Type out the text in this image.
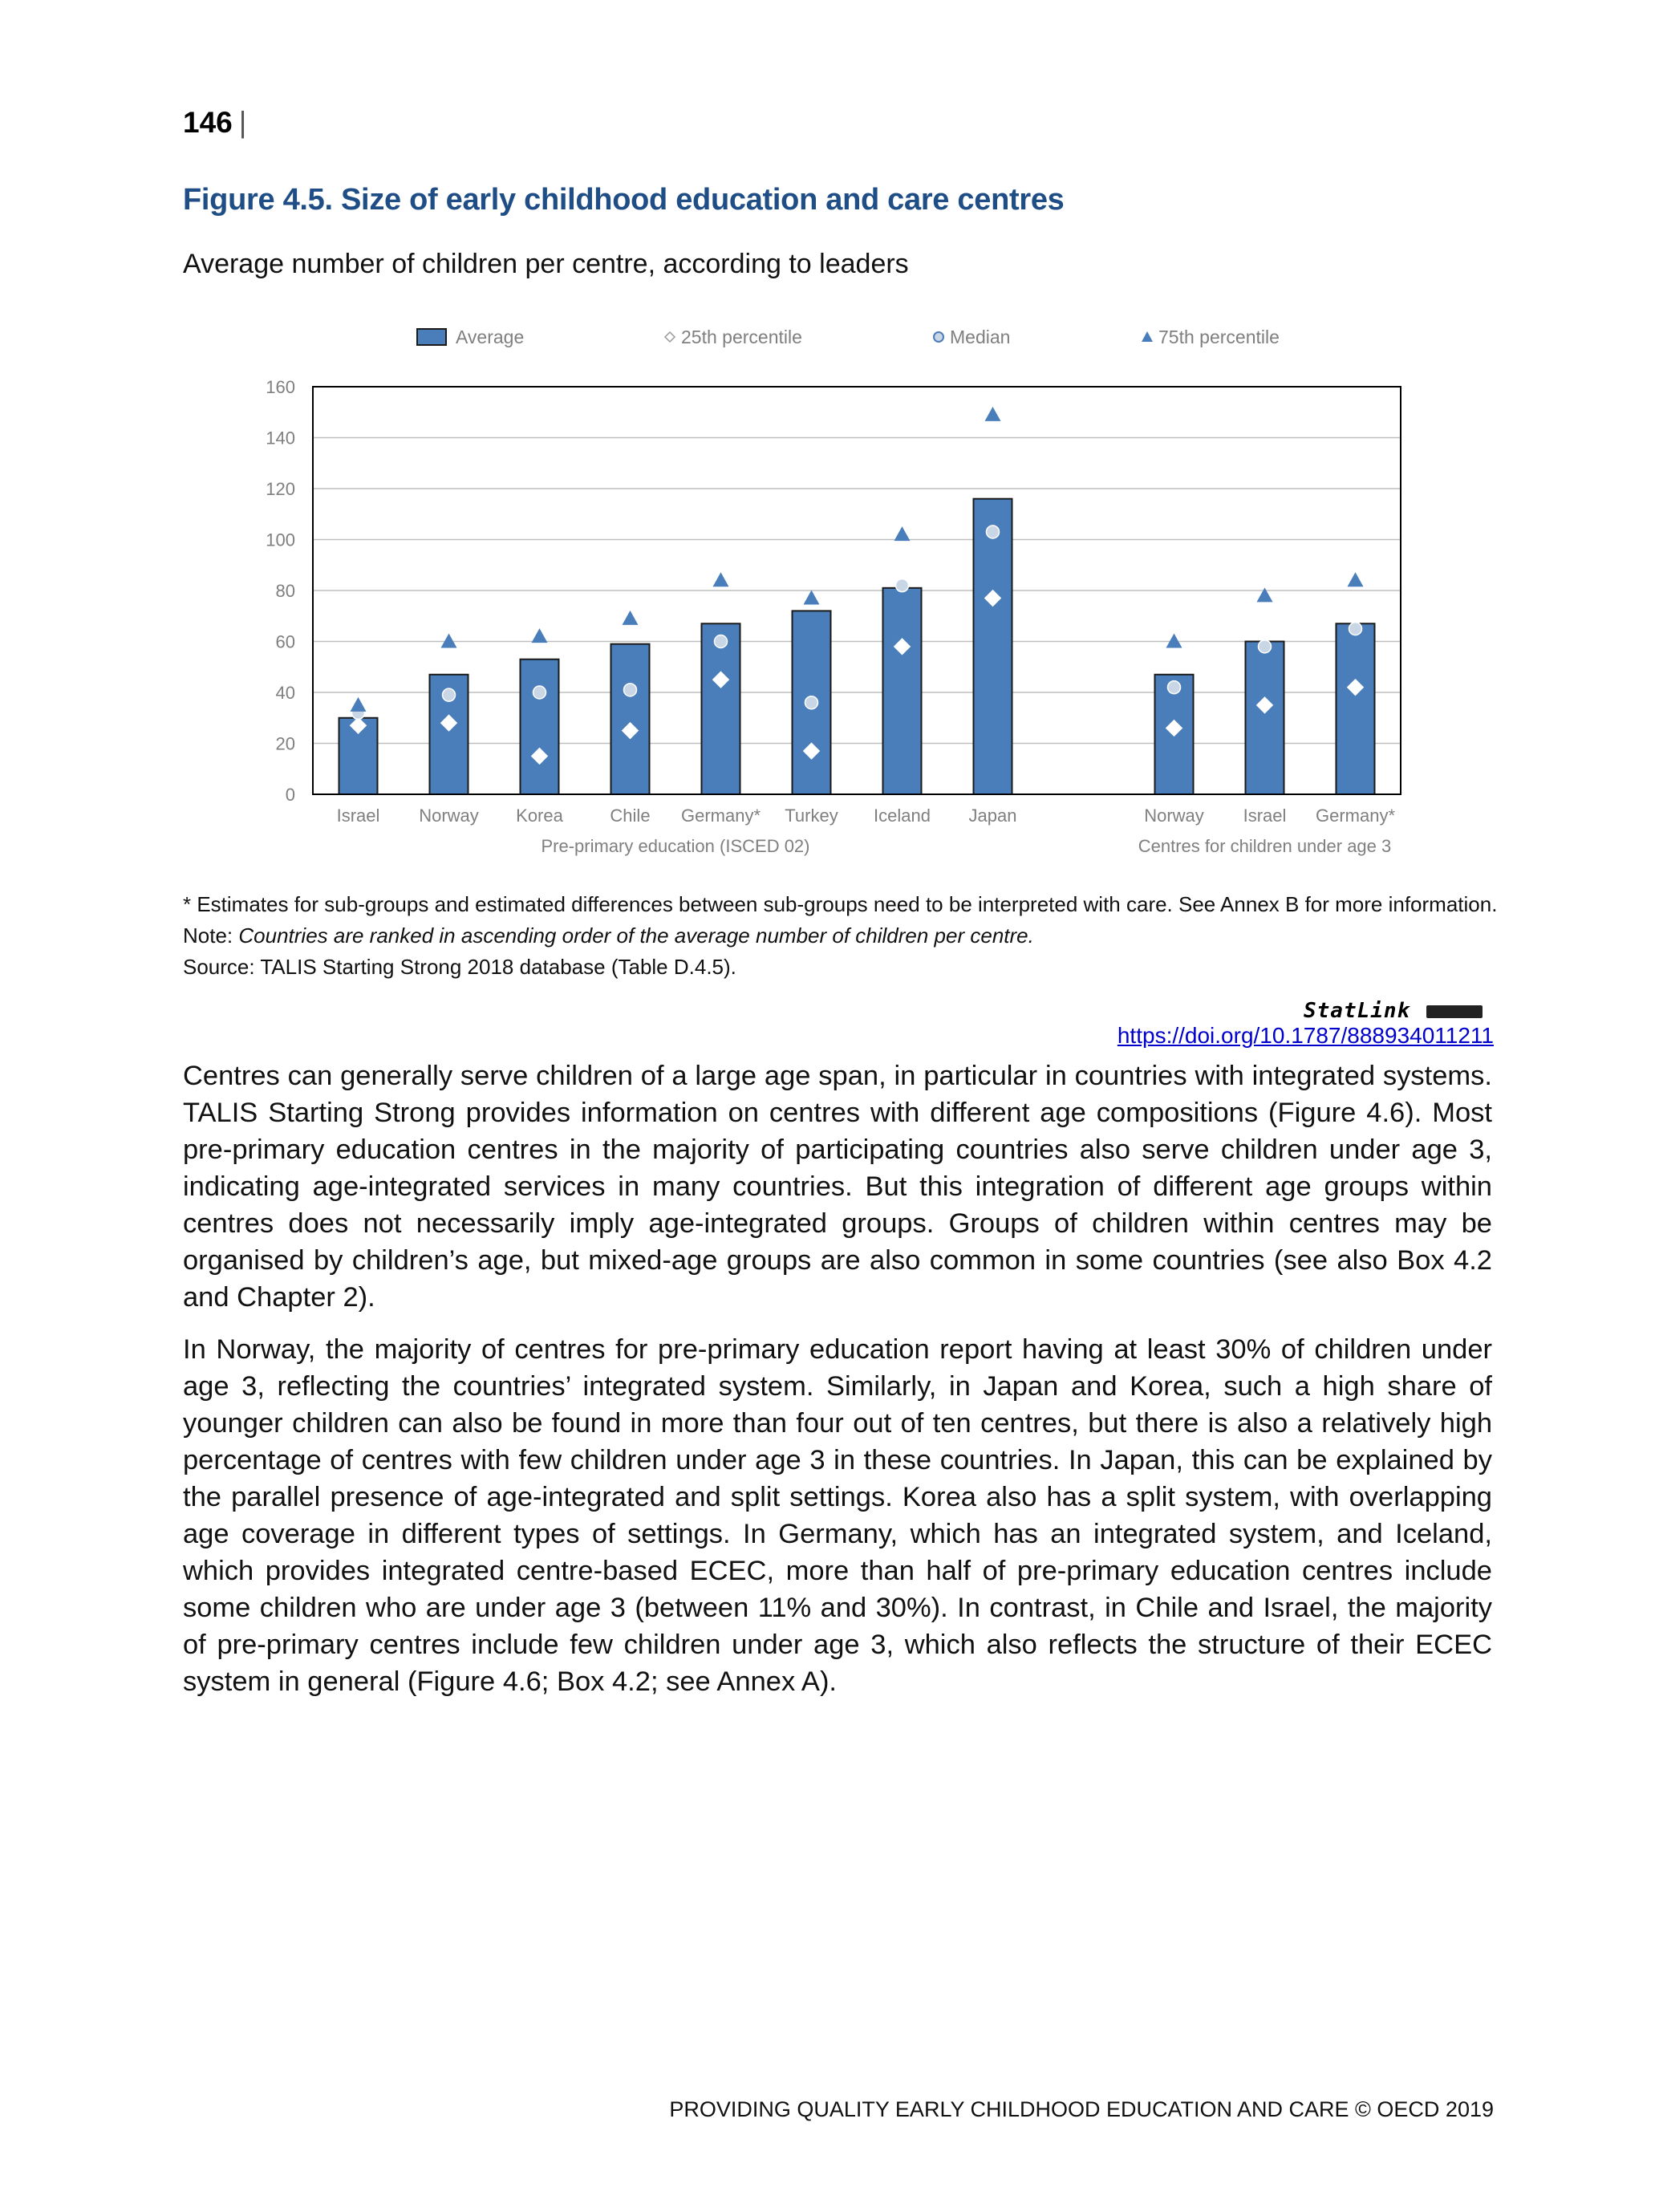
146 |
Figure 4.5. Size of early childhood education and care centres
Average number of children per centre, according to leaders
Average	25th percentile	Median	75th percentile
0
20
40
60
80
100
120
140
160
Israel Norway Korea	Chile Germany* Turkey Iceland Japan	Norway Israel Germany*
Pre-primary education (ISCED 02)	Centres for children under age 3

* Estimates for sub-groups and estimated differences between sub-groups need to be interpreted with care. See Annex B for more information.

Note: Countries are ranked in ascending order of the average number of children per centre.

Source: TALIS Starting Strong 2018 database (Table D.4.5).

StatLink  https://doi.org/10.1787/888934011211

Centres can generally serve children of a large age span, in particular in countries with integrated systems. TALIS Starting Strong provides information on centres with different age compositions (Figure 4.6). Most pre-primary education centres in the majority of participating countries also serve children under age 3, indicating age-integrated services in many countries. But this integration of different age groups within centres does not necessarily imply age-integrated groups. Groups of children within centres may be organised by children’s age, but mixed-age groups are also common in some countries (see also Box 4.2 and Chapter 2).

In Norway, the majority of centres for pre-primary education report having at least 30% of children under age 3, reflecting the countries’ integrated system. Similarly, in Japan and Korea, such a high share of younger children can also be found in more than four out of ten centres, but there is also a relatively high percentage of centres with few children under age 3 in these countries. In Japan, this can be explained by the parallel presence of age-integrated and split settings. Korea also has a split system, with overlapping age coverage in different types of settings. In Germany, which has an integrated system, and Iceland, which provides integrated centre-based ECEC, more than half of pre-primary education centres include some children who are under age 3 (between 11% and 30%). In contrast, in Chile and Israel, the majority of pre-primary centres include few children under age 3, which also reflects the structure of their ECEC system in general (Figure 4.6; Box 4.2; see Annex A).

PROVIDING QUALITY EARLY CHILDHOOD EDUCATION AND CARE © OECD 2019
